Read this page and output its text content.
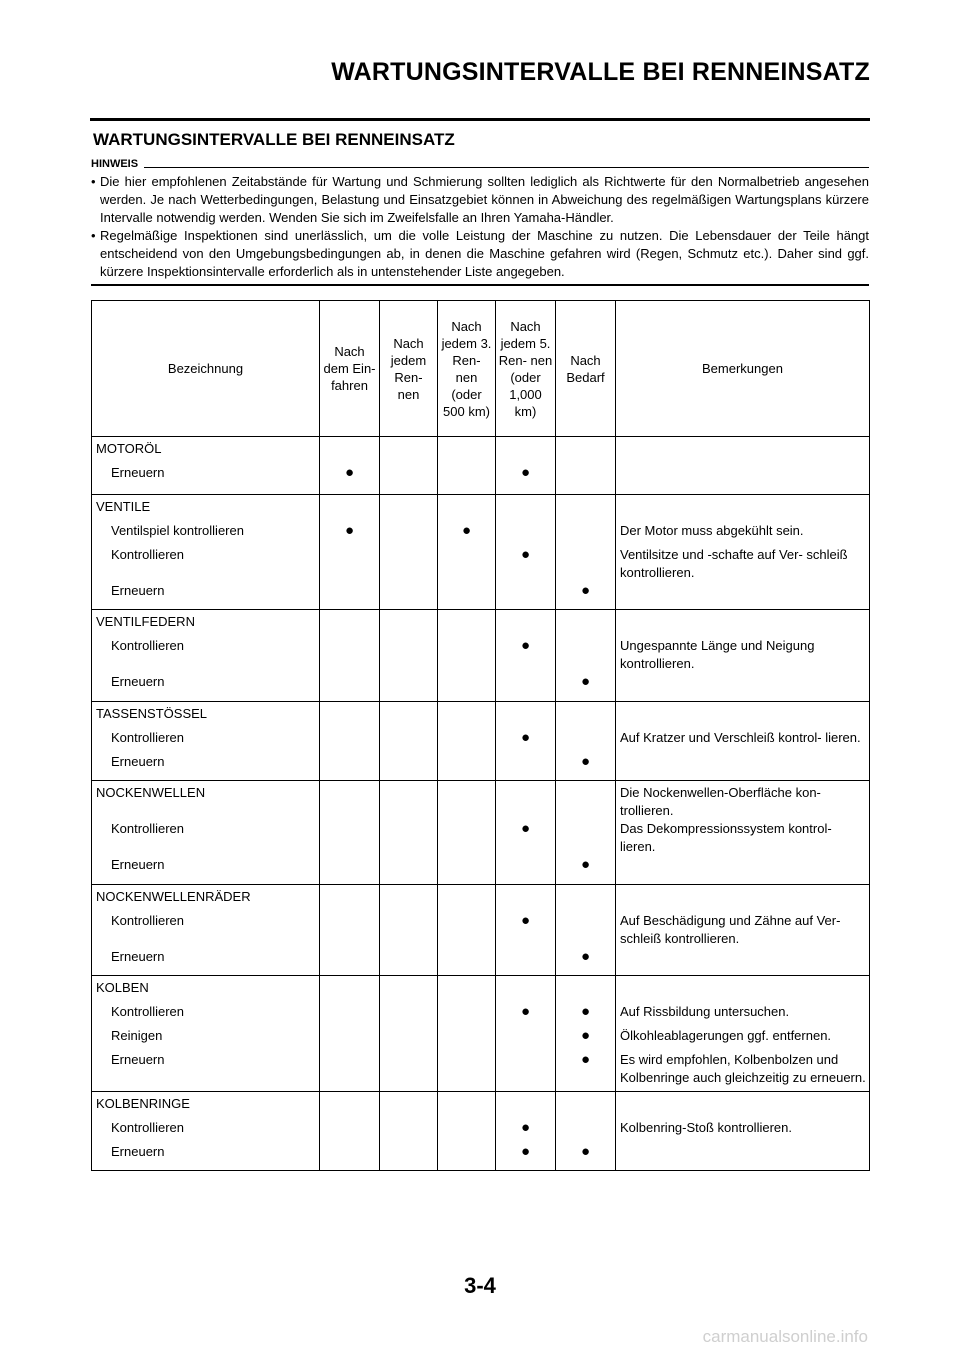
WARTUNGSINTERVALLE BEI RENNEINSATZ
WARTUNGSINTERVALLE BEI RENNEINSATZ
HINWEIS
• Die hier empfohlenen Zeitabstände für Wartung und Schmierung sollten lediglich als Richtwerte für den Normalbetrieb angesehen werden. Je nach Wetterbedingungen, Belastung und Einsatzgebiet können in Abweichung des regelmäßigen Wartungsplans kürzere Intervalle notwendig werden. Wenden Sie sich im Zweifelsfalle an Ihren Yamaha-Händler.
• Regelmäßige Inspektionen sind unerlässlich, um die volle Leistung der Maschine zu nutzen. Die Lebensdauer der Teile hängt entscheidend von den Umgebungsbedingungen ab, in denen die Maschine gefahren wird (Regen, Schmutz etc.). Daher sind ggf. kürzere Inspektionsintervalle erforderlich als in untenstehender Liste angegeben.
Bezeichnung	Nach dem Ein- fahren	Nach jedem Ren- nen	Nach jedem 3. Ren- nen (oder 500 km)	Nach jedem 5. Ren- nen (oder 1,000 km)	Nach Bedarf	Bemerkungen
MOTORÖL						
Erneuern	●			●		

VENTILE						
Ventilspiel kontrollieren	●		●			Der Motor muss abgekühlt sein.
Kontrollieren				●		Ventilsitze und -schafte auf Ver- schleiß kontrollieren.
Erneuern					●	

VENTILFEDERN						
Kontrollieren				●		Ungespannte Länge und Neigung kontrollieren.
Erneuern					●	

TASSENSTÖSSEL						
Kontrollieren				●		Auf Kratzer und Verschleiß kontrol- lieren.
Erneuern					●	

NOCKENWELLEN						Die Nockenwellen-Oberfläche kon- trollieren.
Kontrollieren				●		Das Dekompressionssystem kontrol- lieren.
Erneuern					●	

NOCKENWELLENRÄDER						
Kontrollieren				●		Auf Beschädigung und Zähne auf Ver- schleiß kontrollieren.
Erneuern					●	

KOLBEN						
Kontrollieren				●	●	Auf Rissbildung untersuchen.
Reinigen					●	Ölkohleablagerungen ggf. entfernen.
Erneuern					●	Es wird empfohlen, Kolbenbolzen und Kolbenringe auch gleichzeitig zu erneuern.

KOLBENRINGE						
Kontrollieren				●		Kolbenring-Stoß kontrollieren.
Erneuern				●	●	

3-4
carmanualsonline.info
